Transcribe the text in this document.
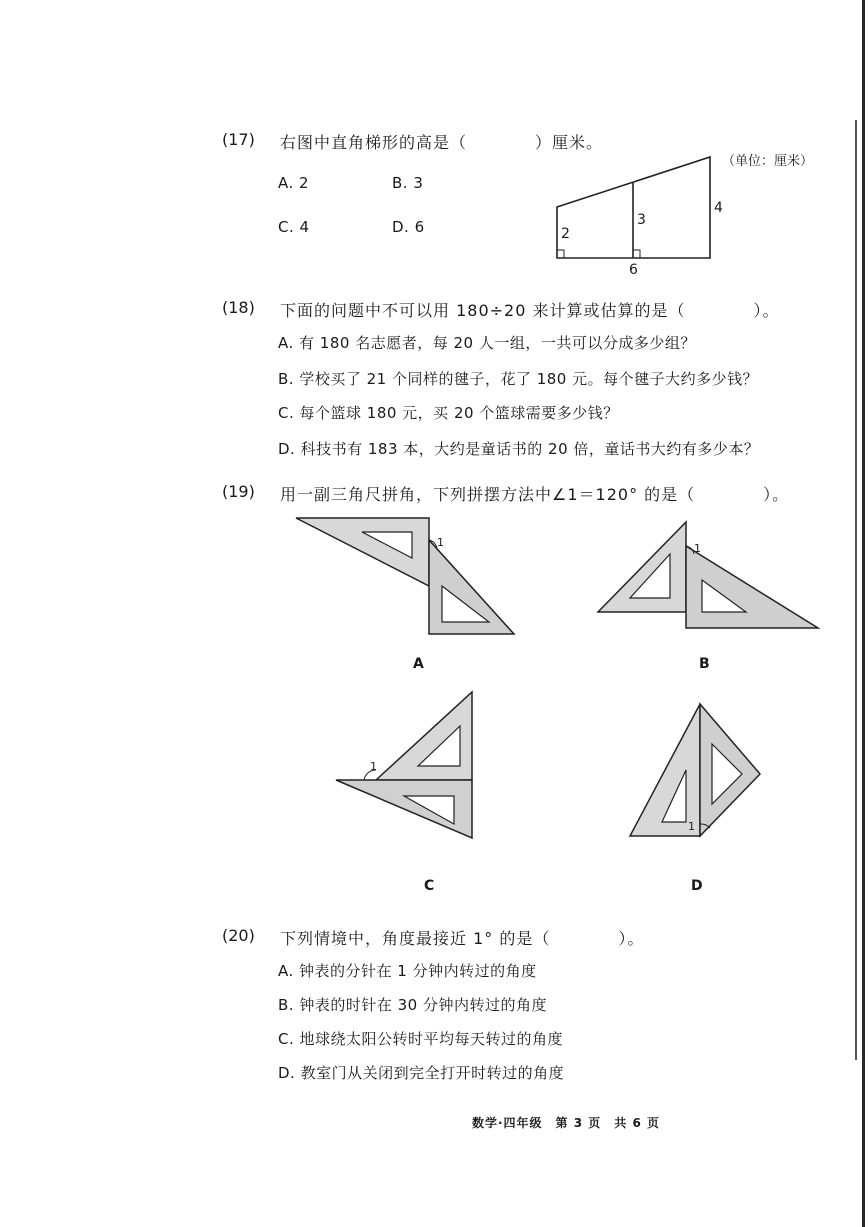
(17) 右图中直角梯形的高是（　　　　）厘米。
A. 2	B. 3
C. 4	D. 6
（单位：厘米）
2
3
4
6
(18) 下面的问题中不可以用 180÷20 来计算或估算的是（　　　　）。
A. 有 180 名志愿者，每 20 人一组，一共可以分成多少组？
B. 学校买了 21 个同样的毽子，花了 180 元。每个毽子大约多少钱？
C. 每个篮球 180 元，买 20 个篮球需要多少钱？
D. 科技书有 183 本，大约是童话书的 20 倍，童话书大约有多少本？
(19) 用一副三角尺拼角，下列拼摆方法中∠1＝120° 的是（　　　　）。
1
A
1
B
1
C
1
D
(20) 下列情境中，角度最接近 1° 的是（　　　　）。
A. 钟表的分针在 1 分钟内转过的角度
B. 钟表的时针在 30 分钟内转过的角度
C. 地球绕太阳公转时平均每天转过的角度
D. 教室门从关闭到完全打开时转过的角度
数学·四年级　第 3 页　共 6 页
